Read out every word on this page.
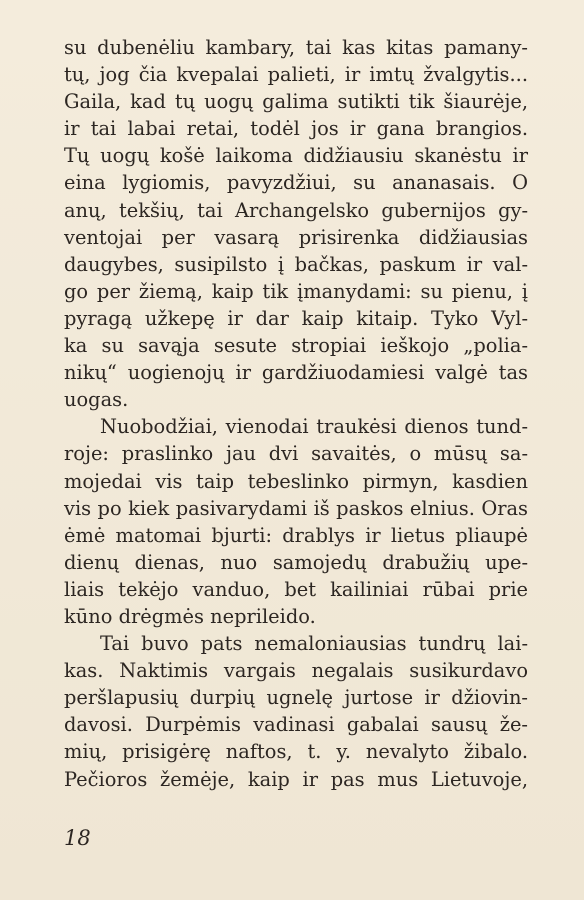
su dubenėliu kambary, tai kas kitas pamany-
tų, jog čia kvepalai palieti, ir imtų žvalgytis...
Gaila, kad tų uogų galima sutikti tik šiaurėje,
ir tai labai retai, todėl jos ir gana brangios.
Tų uogų košė laikoma didžiausiu skanėstu ir
eina lygiomis, pavyzdžiui, su ananasais. O
anų, tekšių, tai Archangelsko gubernijos gy-
ventojai per vasarą prisirenka didžiausias
daugybes, susipilsto į bačkas, paskum ir val-
go per žiemą, kaip tik įmanydami: su pienu, į
pyragą užkepę ir dar kaip kitaip. Tyko Vyl-
ka su savąja sesute stropiai ieškojo „polia-
nikų“ uogienojų ir gardžiuodamiesi valgė tas
uogas.
Nuobodžiai, vienodai traukėsi dienos tund-
roje: praslinko jau dvi savaitės, o mūsų sa-
mojedai vis taip tebeslinko pirmyn, kasdien
vis po kiek pasivarydami iš paskos elnius. Oras
ėmė matomai bjurti: drablys ir lietus pliaupė
dienų dienas, nuo samojedų drabužių upe-
liais tekėjo vanduo, bet kailiniai rūbai prie
kūno drėgmės neprileido.
Tai buvo pats nemaloniausias tundrų lai-
kas. Naktimis vargais negalais susikurdavo
peršlapusių durpių ugnelę jurtose ir džiovin-
davosi. Durpėmis vadinasi gabalai sausų že-
mių, prisigėrę naftos, t. y. nevalyto žibalo.
Pečioros žemėje, kaip ir pas mus Lietuvoje,
18
